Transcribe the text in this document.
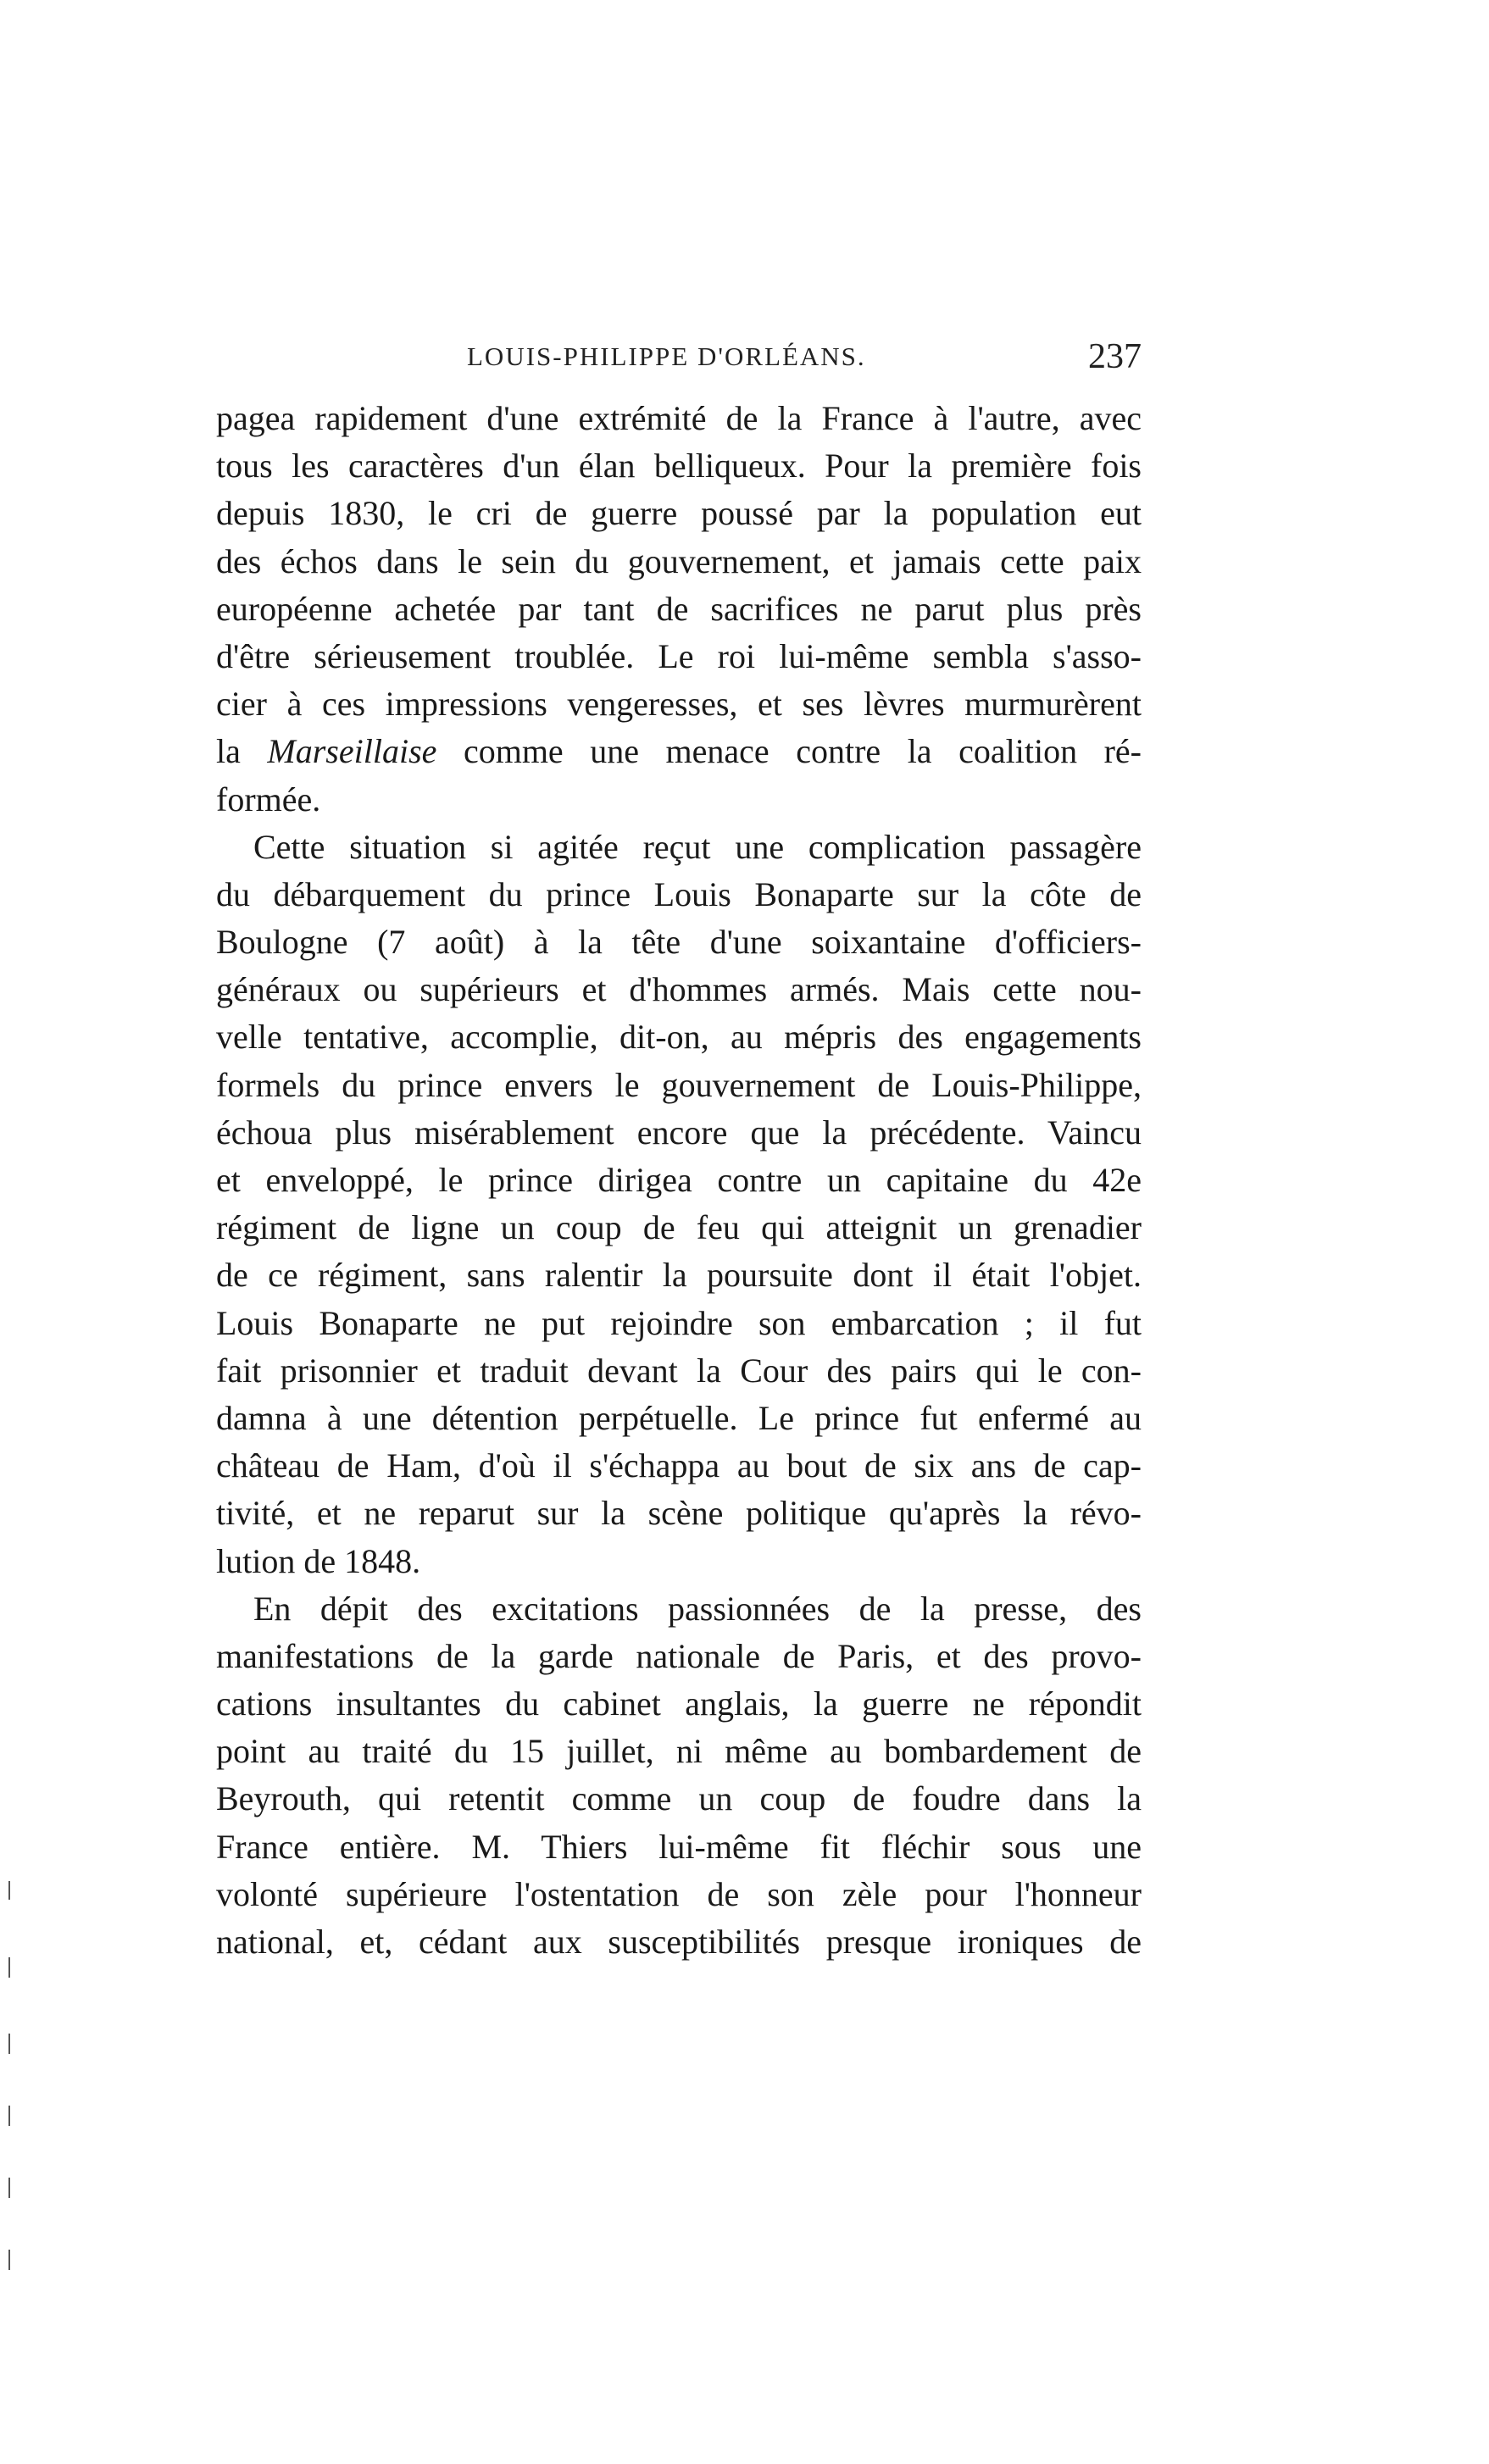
LOUIS-PHILIPPE D'ORLÉANS.	237
pagea rapidement d'une extrémité de la France à l'autre, avec
tous les caractères d'un élan belliqueux. Pour la première fois
depuis 1830, le cri de guerre poussé par la population eut
des échos dans le sein du gouvernement, et jamais cette paix
européenne achetée par tant de sacrifices ne parut plus près
d'être sérieusement troublée. Le roi lui-même sembla s'asso-
cier à ces impressions vengeresses, et ses lèvres murmurèrent
la Marseillaise comme une menace contre la coalition ré-
formée.
Cette situation si agitée reçut une complication passagère
du débarquement du prince Louis Bonaparte sur la côte de
Boulogne (7 août) à la tête d'une soixantaine d'officiers-
généraux ou supérieurs et d'hommes armés. Mais cette nou-
velle tentative, accomplie, dit-on, au mépris des engagements
formels du prince envers le gouvernement de Louis-Philippe,
échoua plus misérablement encore que la précédente. Vaincu
et enveloppé, le prince dirigea contre un capitaine du 42e
régiment de ligne un coup de feu qui atteignit un grenadier
de ce régiment, sans ralentir la poursuite dont il était l'objet.
Louis Bonaparte ne put rejoindre son embarcation ; il fut
fait prisonnier et traduit devant la Cour des pairs qui le con-
damna à une détention perpétuelle. Le prince fut enfermé au
château de Ham, d'où il s'échappa au bout de six ans de cap-
tivité, et ne reparut sur la scène politique qu'après la révo-
lution de 1848.
En dépit des excitations passionnées de la presse, des
manifestations de la garde nationale de Paris, et des provo-
cations insultantes du cabinet anglais, la guerre ne répondit
point au traité du 15 juillet, ni même au bombardement de
Beyrouth, qui retentit comme un coup de foudre dans la
France entière. M. Thiers lui-même fit fléchir sous une
volonté supérieure l'ostentation de son zèle pour l'honneur
national, et, cédant aux susceptibilités presque ironiques de
